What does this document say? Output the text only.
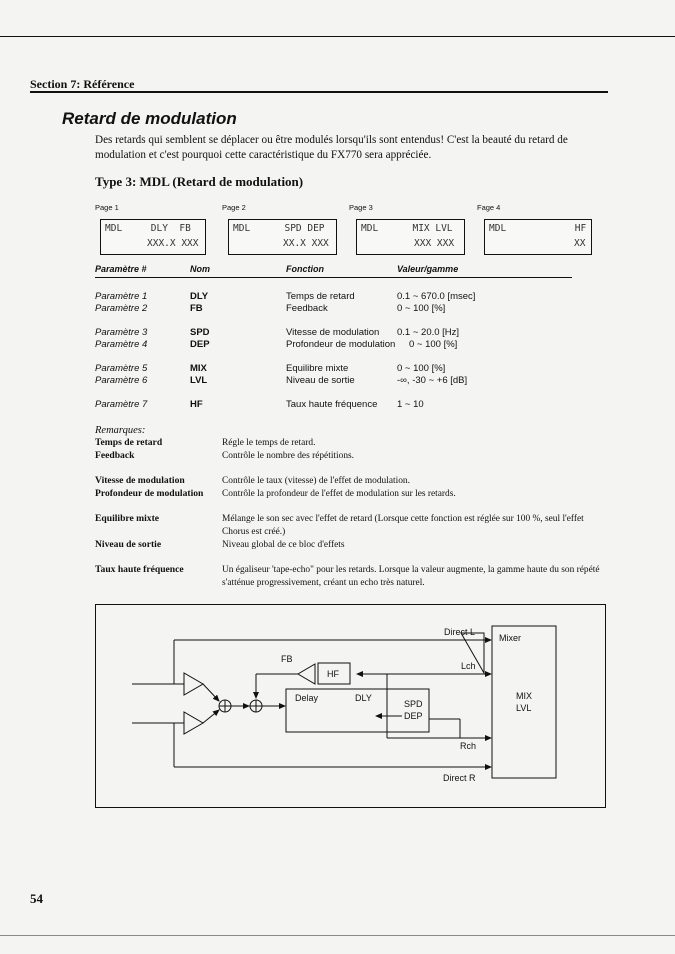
Section 7: Référence
Retard de modulation
Des retards qui semblent se déplacer ou être modulés lorsqu'ils sont entendus! C'est la beauté du retard de modulation et c'est pourquoi cette caractéristique du FX770 sera appréciée.
Type 3: MDL (Retard de modulation)
Page 1	Page 2	Page 3	Fage 4
MDL     DLY  FB
XXX.X XXX
MDL      SPD DEP
XX.X XXX
MDL      MIX LVL
XXX XXX
MDL            HF
XX
Paramètre #	Nom	Fonction	Valeur/gamme
Paramètre 1	DLY	Temps de retard	0.1 ~ 670.0 [msec]
Paramètre 2	FB	Feedback	0 ~ 100 [%]
Paramètre 3	SPD	Vitesse de modulation 0.1 ~ 20.0 [Hz]
Paramètre 4	DEP	Profondeur de modulation 0 ~ 100 [%]
Paramètre 5	MIX	Equilibre mixte	0 ~ 100 [%]
Paramètre 6	LVL	Niveau de sortie	-∞, -30 ~ +6 [dB]
Paramètre 7	HF	Taux haute fréquence 1 ~ 10
Remarques:
Temps de retard	Régle le temps de retard.
Feedback	Contrôle le nombre des répétitions.
Vitesse de modulation	Contrôle le taux (vitesse) de l'effet de modulation.
Profondeur de modulation Contrôle la profondeur de l'effet de modulation sur les retards.
Equilibre mixte	Mélange le son sec avec l'effet de retard (Lorsque cette fonction est réglée sur 100 %, seul l'effet Chorus est créé.)
Niveau de sortie	Niveau global de ce bloc d'effets
Taux haute fréquence	Un égaliseur 'tape-echo" pour les retards. Lorsque la valeur augmente, la gamme haute du son répété s'atténue progressivement, créant un echo très naturel.
Direct L
Mixer
FB
HF
Lch
Delay	DLY
SPD
DEP
MIX
LVL
Rch
Direct R
54
